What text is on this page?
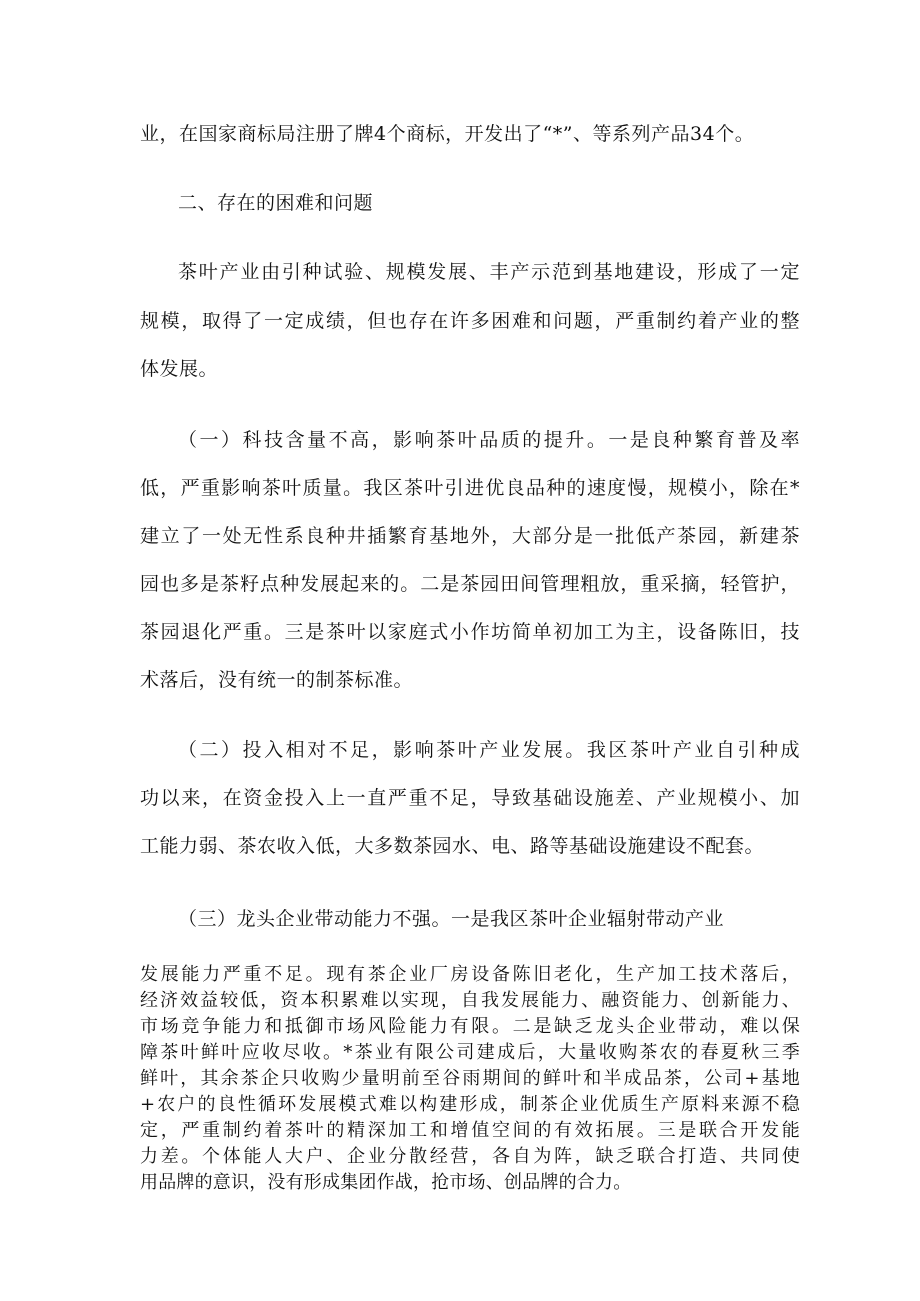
业，在国家商标局注册了牌4个商标，开发出了“*”、等系列产品34个。
二、存在的困难和问题
茶叶产业由引种试验、规模发展、丰产示范到基地建设，形成了一定
规模，取得了一定成绩，但也存在许多困难和问题，严重制约着产业的整
体发展。
（一）科技含量不高，影响茶叶品质的提升。一是良种繁育普及率
低，严重影响茶叶质量。我区茶叶引进优良品种的速度慢，规模小，除在*
建立了一处无性系良种井插繁育基地外，大部分是一批低产茶园，新建茶
园也多是茶籽点种发展起来的。二是茶园田间管理粗放，重采摘，轻管护，
茶园退化严重。三是茶叶以家庭式小作坊简单初加工为主，设备陈旧，技
术落后，没有统一的制茶标准。
（二）投入相对不足，影响茶叶产业发展。我区茶叶产业自引种成
功以来，在资金投入上一直严重不足，导致基础设施差、产业规模小、加
工能力弱、茶农收入低，大多数茶园水、电、路等基础设施建设不配套。
（三）龙头企业带动能力不强。一是我区茶叶企业辐射带动产业
发展能力严重不足。现有茶企业厂房设备陈旧老化，生产加工技术落后，
经济效益较低，资本积累难以实现，自我发展能力、融资能力、创新能力、
市场竞争能力和抵御市场风险能力有限。二是缺乏龙头企业带动，难以保
障茶叶鲜叶应收尽收。*茶业有限公司建成后，大量收购茶农的春夏秋三季
鲜叶，其余茶企只收购少量明前至谷雨期间的鲜叶和半成品茶，公司+基地
+农户的良性循环发展模式难以构建形成，制茶企业优质生产原料来源不稳
定，严重制约着茶叶的精深加工和增值空间的有效拓展。三是联合开发能
力差。个体能人大户、企业分散经营，各自为阵，缺乏联合打造、共同使
用品牌的意识，没有形成集团作战，抢市场、创品牌的合力。
